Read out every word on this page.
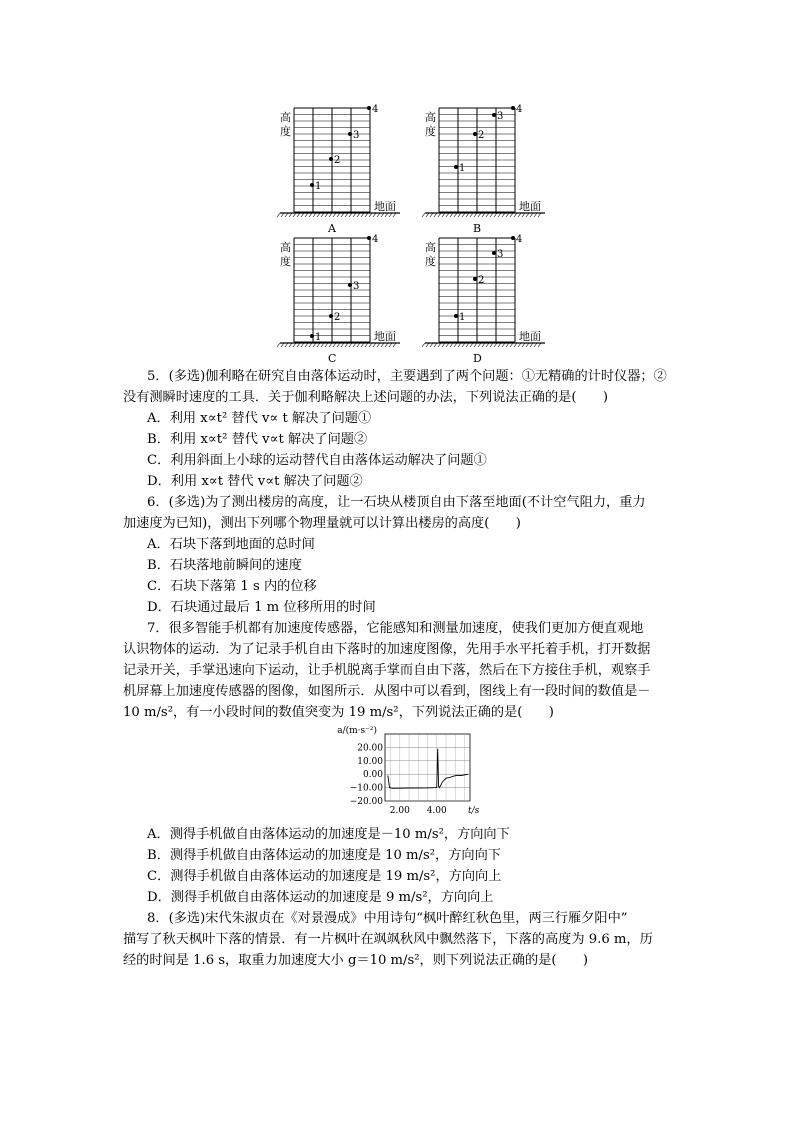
高
度
地面
A
1
2
3
4
高
度
地面
B
1
2
3
4
高
度
地面
C
1
2
3
4
高
度
地面
D
1
2
3
4

5．(多选)伽利略在研究自由落体运动时，主要遇到了两个问题：①无精确的计时仪器；②

没有测瞬时速度的工具．关于伽利略解决上述问题的办法，下列说法正确的是(　　)

A．利用 x∝t² 替代 v∝ t 解决了问题①

B．利用 x∝t² 替代 v∝t 解决了问题②

C．利用斜面上小球的运动替代自由落体运动解决了问题①

D．利用 x∝t 替代 v∝t 解决了问题②

6．(多选)为了测出楼房的高度，让一石块从楼顶自由下落至地面(不计空气阻力，重力

加速度为已知)，测出下列哪个物理量就可以计算出楼房的高度(　　)

A．石块下落到地面的总时间

B．石块落地前瞬间的速度

C．石块下落第 1 s 内的位移

D．石块通过最后 1 m 位移所用的时间

7．很多智能手机都有加速度传感器，它能感知和测量加速度，使我们更加方便直观地

认识物体的运动．为了记录手机自由下落时的加速度图像，先用手水平托着手机，打开数据

记录开关，手掌迅速向下运动，让手机脱离手掌而自由下落，然后在下方接住手机，观察手

机屏幕上加速度传感器的图像，如图所示．从图中可以看到，图线上有一段时间的数值是－

10 m/s²，有一小段时间的数值突变为 19 m/s²，下列说法正确的是(　　)

20.00
10.00
0.00
−10.00
−20.00
2.00 4.00
a/(m·s⁻²)
t/s

A．测得手机做自由落体运动的加速度是－10 m/s²，方向向下

B．测得手机做自由落体运动的加速度是 10 m/s²，方向向下

C．测得手机做自由落体运动的加速度是 19 m/s²，方向向上

D．测得手机做自由落体运动的加速度是 9 m/s²，方向向上

8．(多选)宋代朱淑贞在《对景漫成》中用诗句“枫叶醉红秋色里，两三行雁夕阳中”

描写了秋天枫叶下落的情景．有一片枫叶在飒飒秋风中飘然落下，下落的高度为 9.6 m，历

经的时间是 1.6 s，取重力加速度大小 g＝10 m/s²，则下列说法正确的是(　　)
